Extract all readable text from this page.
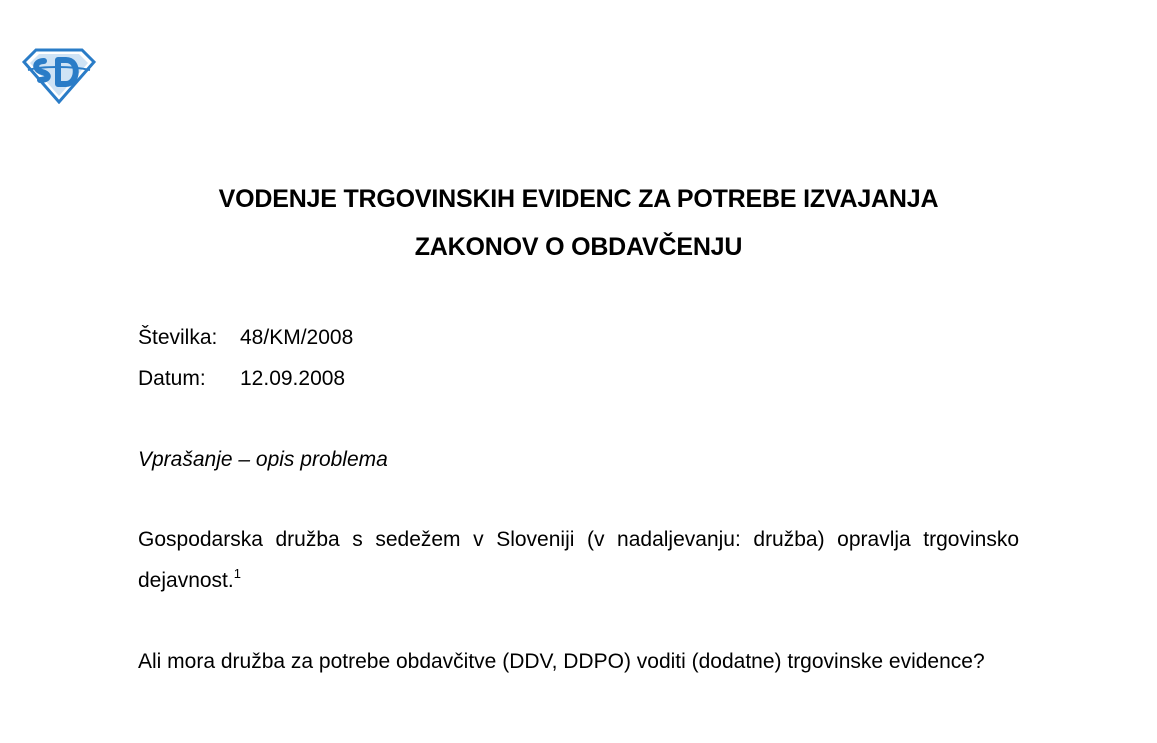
VODENJE TRGOVINSKIH EVIDENC ZA POTREBE IZVAJANJA
ZAKONOV O OBDAVČENJU
Številka: 48/KM/2008
Datum: 12.09.2008
Vprašanje – opis problema
Gospodarska družba s sedežem v Sloveniji (v nadaljevanju: družba) opravlja trgovinsko dejavnost.$^1$
Ali mora družba za potrebe obdavčitve (DDV, DDPO) voditi (dodatne) trgovinske evidence?
